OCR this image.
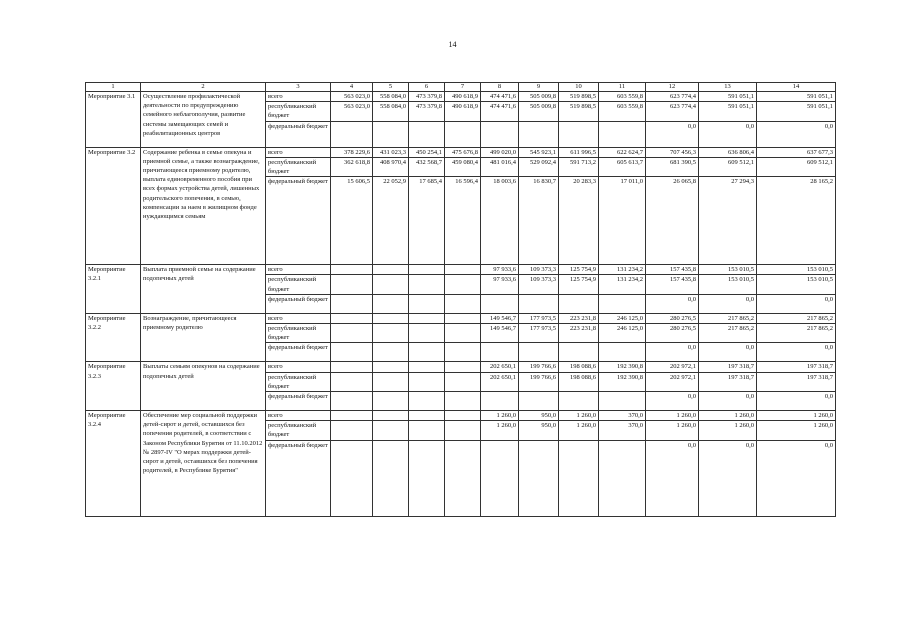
14
1	2	3	4	5	6	7	8	9	10	11	12	13	14
Мероприятие 3.1	Осуществление профилактической деятельности по предупреждению семейного неблагополучия, развитие системы замещающих семей и реабилитационных центров	всего	563 023,0	558 084,0	473 379,8	490 618,9	474 471,6	505 009,8	519 898,5	603 559,8	623 774,4	591 051,1	591 051,1
		республиканский бюджет	563 023,0	558 084,0	473 379,8	490 618,9	474 471,6	505 009,8	519 898,5	603 559,8	623 774,4	591 051,1	591 051,1
		федеральный бюджет									0,0	0,0	0,0
Мероприятие 3.2	Содержание ребенка в семье опекуна и приемной семье, а также вознаграждение, причитающееся приемному родителю, выплата единовременного пособия при всех формах устройства детей, лишенных родительского попечения, в семью, компенсации за наем в жилищном фонде нуждающимся семьям	всего	378 229,6	431 023,3	450 254,1	475 676,8	499 020,0	545 923,1	611 996,5	622 624,7	707 456,3	636 806,4	637 677,3
		республиканский бюджет	362 618,8	408 970,4	432 568,7	459 080,4	481 016,4	529 092,4	591 713,2	605 613,7	681 390,5	609 512,1	609 512,1
		федеральный бюджет	15 606,5	22 052,9	17 685,4	16 596,4	18 003,6	16 830,7	20 283,3	17 011,0	26 065,8	27 294,3	28 165,2
Мероприятие 3.2.1	Выплата приемной семье на содержание подопечных детей	всего					97 933,6	109 373,3	125 754,9	131 234,2	157 435,8	153 010,5	153 010,5
		республиканский бюджет					97 933,6	109 373,3	125 754,9	131 234,2	157 435,8	153 010,5	153 010,5
		федеральный бюджет									0,0	0,0	0,0
Мероприятие 3.2.2	Вознаграждение, причитающееся приемному родителю	всего					149 546,7	177 973,5	223 231,8	246 125,0	280 276,5	217 865,2	217 865,2
		республиканский бюджет					149 546,7	177 973,5	223 231,8	246 125,0	280 276,5	217 865,2	217 865,2
		федеральный бюджет									0,0	0,0	0,0
Мероприятие 3.2.3	Выплаты семьям опекунов на содержание подопечных детей	всего					202 650,1	199 766,6	198 088,6	192 390,8	202 972,1	197 318,7	197 318,7
		республиканский бюджет					202 650,1	199 766,6	198 088,6	192 390,8	202 972,1	197 318,7	197 318,7
		федеральный бюджет									0,0	0,0	0,0
Мероприятие 3.2.4	Обеспечение мер социальной поддержки детей-сирот и детей, оставшихся без попечения родителей, в соответствии с Законом Республики Бурятия от 11.10.2012 № 2897-IV "О мерах поддержки детей-сирот и детей, оставшихся без попечения родителей, в Республике Бурятия"	всего					1 260,0	950,0	1 260,0	370,0	1 260,0	1 260,0	1 260,0
		республиканский бюджет					1 260,0	950,0	1 260,0	370,0	1 260,0	1 260,0	1 260,0
		федеральный бюджет									0,0	0,0	0,0
